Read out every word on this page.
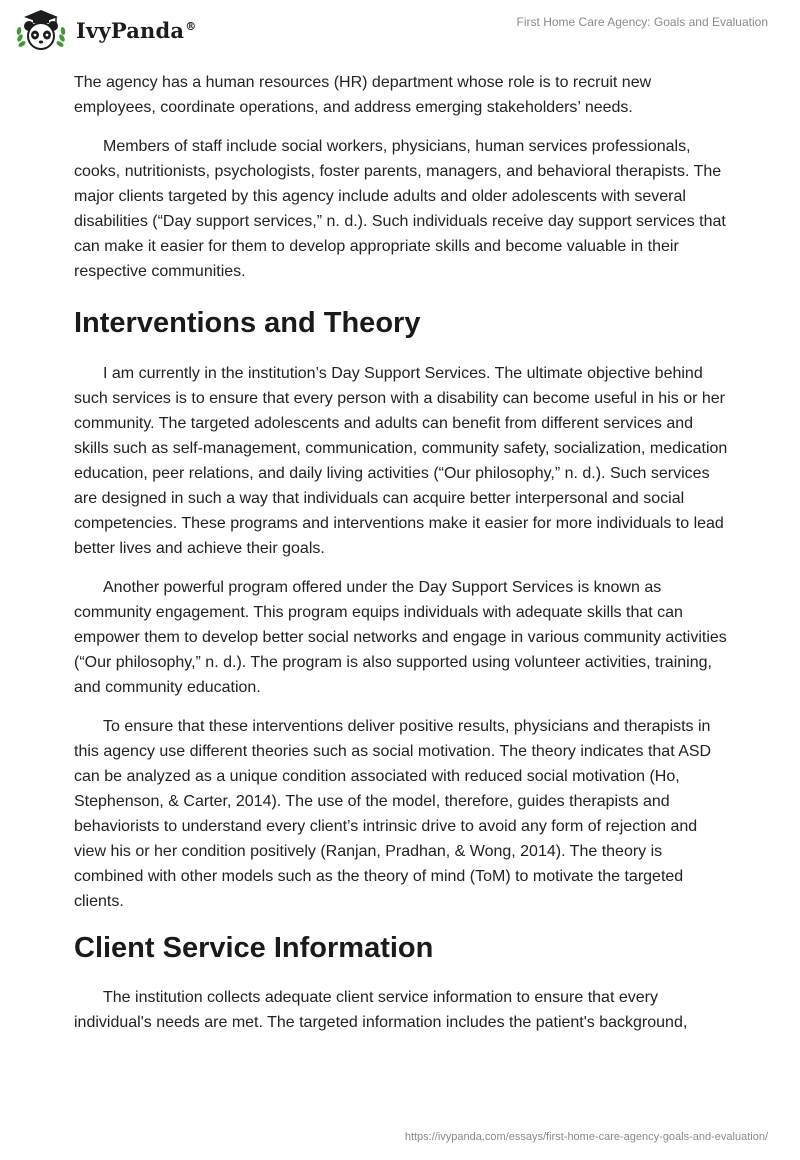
IvyPanda®	First Home Care Agency: Goals and Evaluation

The agency has a human resources (HR) department whose role is to recruit new employees, coordinate operations, and address emerging stakeholders’ needs.

Members of staff include social workers, physicians, human services professionals, cooks, nutritionists, psychologists, foster parents, managers, and behavioral therapists. The major clients targeted by this agency include adults and older adolescents with several disabilities (“Day support services,” n. d.). Such individuals receive day support services that can make it easier for them to develop appropriate skills and become valuable in their respective communities.

Interventions and Theory

I am currently in the institution’s Day Support Services. The ultimate objective behind such services is to ensure that every person with a disability can become useful in his or her community. The targeted adolescents and adults can benefit from different services and skills such as self-management, communication, community safety, socialization, medication education, peer relations, and daily living activities (“Our philosophy,” n. d.). Such services are designed in such a way that individuals can acquire better interpersonal and social competencies. These programs and interventions make it easier for more individuals to lead better lives and achieve their goals.

Another powerful program offered under the Day Support Services is known as community engagement. This program equips individuals with adequate skills that can empower them to develop better social networks and engage in various community activities (“Our philosophy,” n. d.). The program is also supported using volunteer activities, training, and community education.

To ensure that these interventions deliver positive results, physicians and therapists in this agency use different theories such as social motivation. The theory indicates that ASD can be analyzed as a unique condition associated with reduced social motivation (Ho, Stephenson, & Carter, 2014). The use of the model, therefore, guides therapists and behaviorists to understand every client’s intrinsic drive to avoid any form of rejection and view his or her condition positively (Ranjan, Pradhan, & Wong, 2014). The theory is combined with other models such as the theory of mind (ToM) to motivate the targeted clients.

Client Service Information

The institution collects adequate client service information to ensure that every individual's needs are met. The targeted information includes the patient's background,

https://ivypanda.com/essays/first-home-care-agency-goals-and-evaluation/
